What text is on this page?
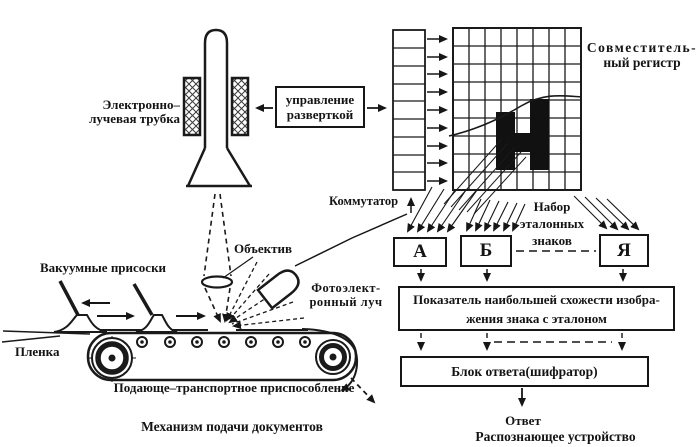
Электронно–
лучевая трубка
управление разверткой
Совместитель-
ный регистр
Коммутатор	Набор
эталонных
знаков
Объектив
Фотоэлект-
ронный луч
Вакуумные присоски
Пленка
Подающе–транспортное приспособление
Механизм подачи документов
А	Б	Я
Показатель наибольшей схожести изобра- жения знака с эталоном
Блок ответа(шифратор)
Ответ
Распознающее устройство
